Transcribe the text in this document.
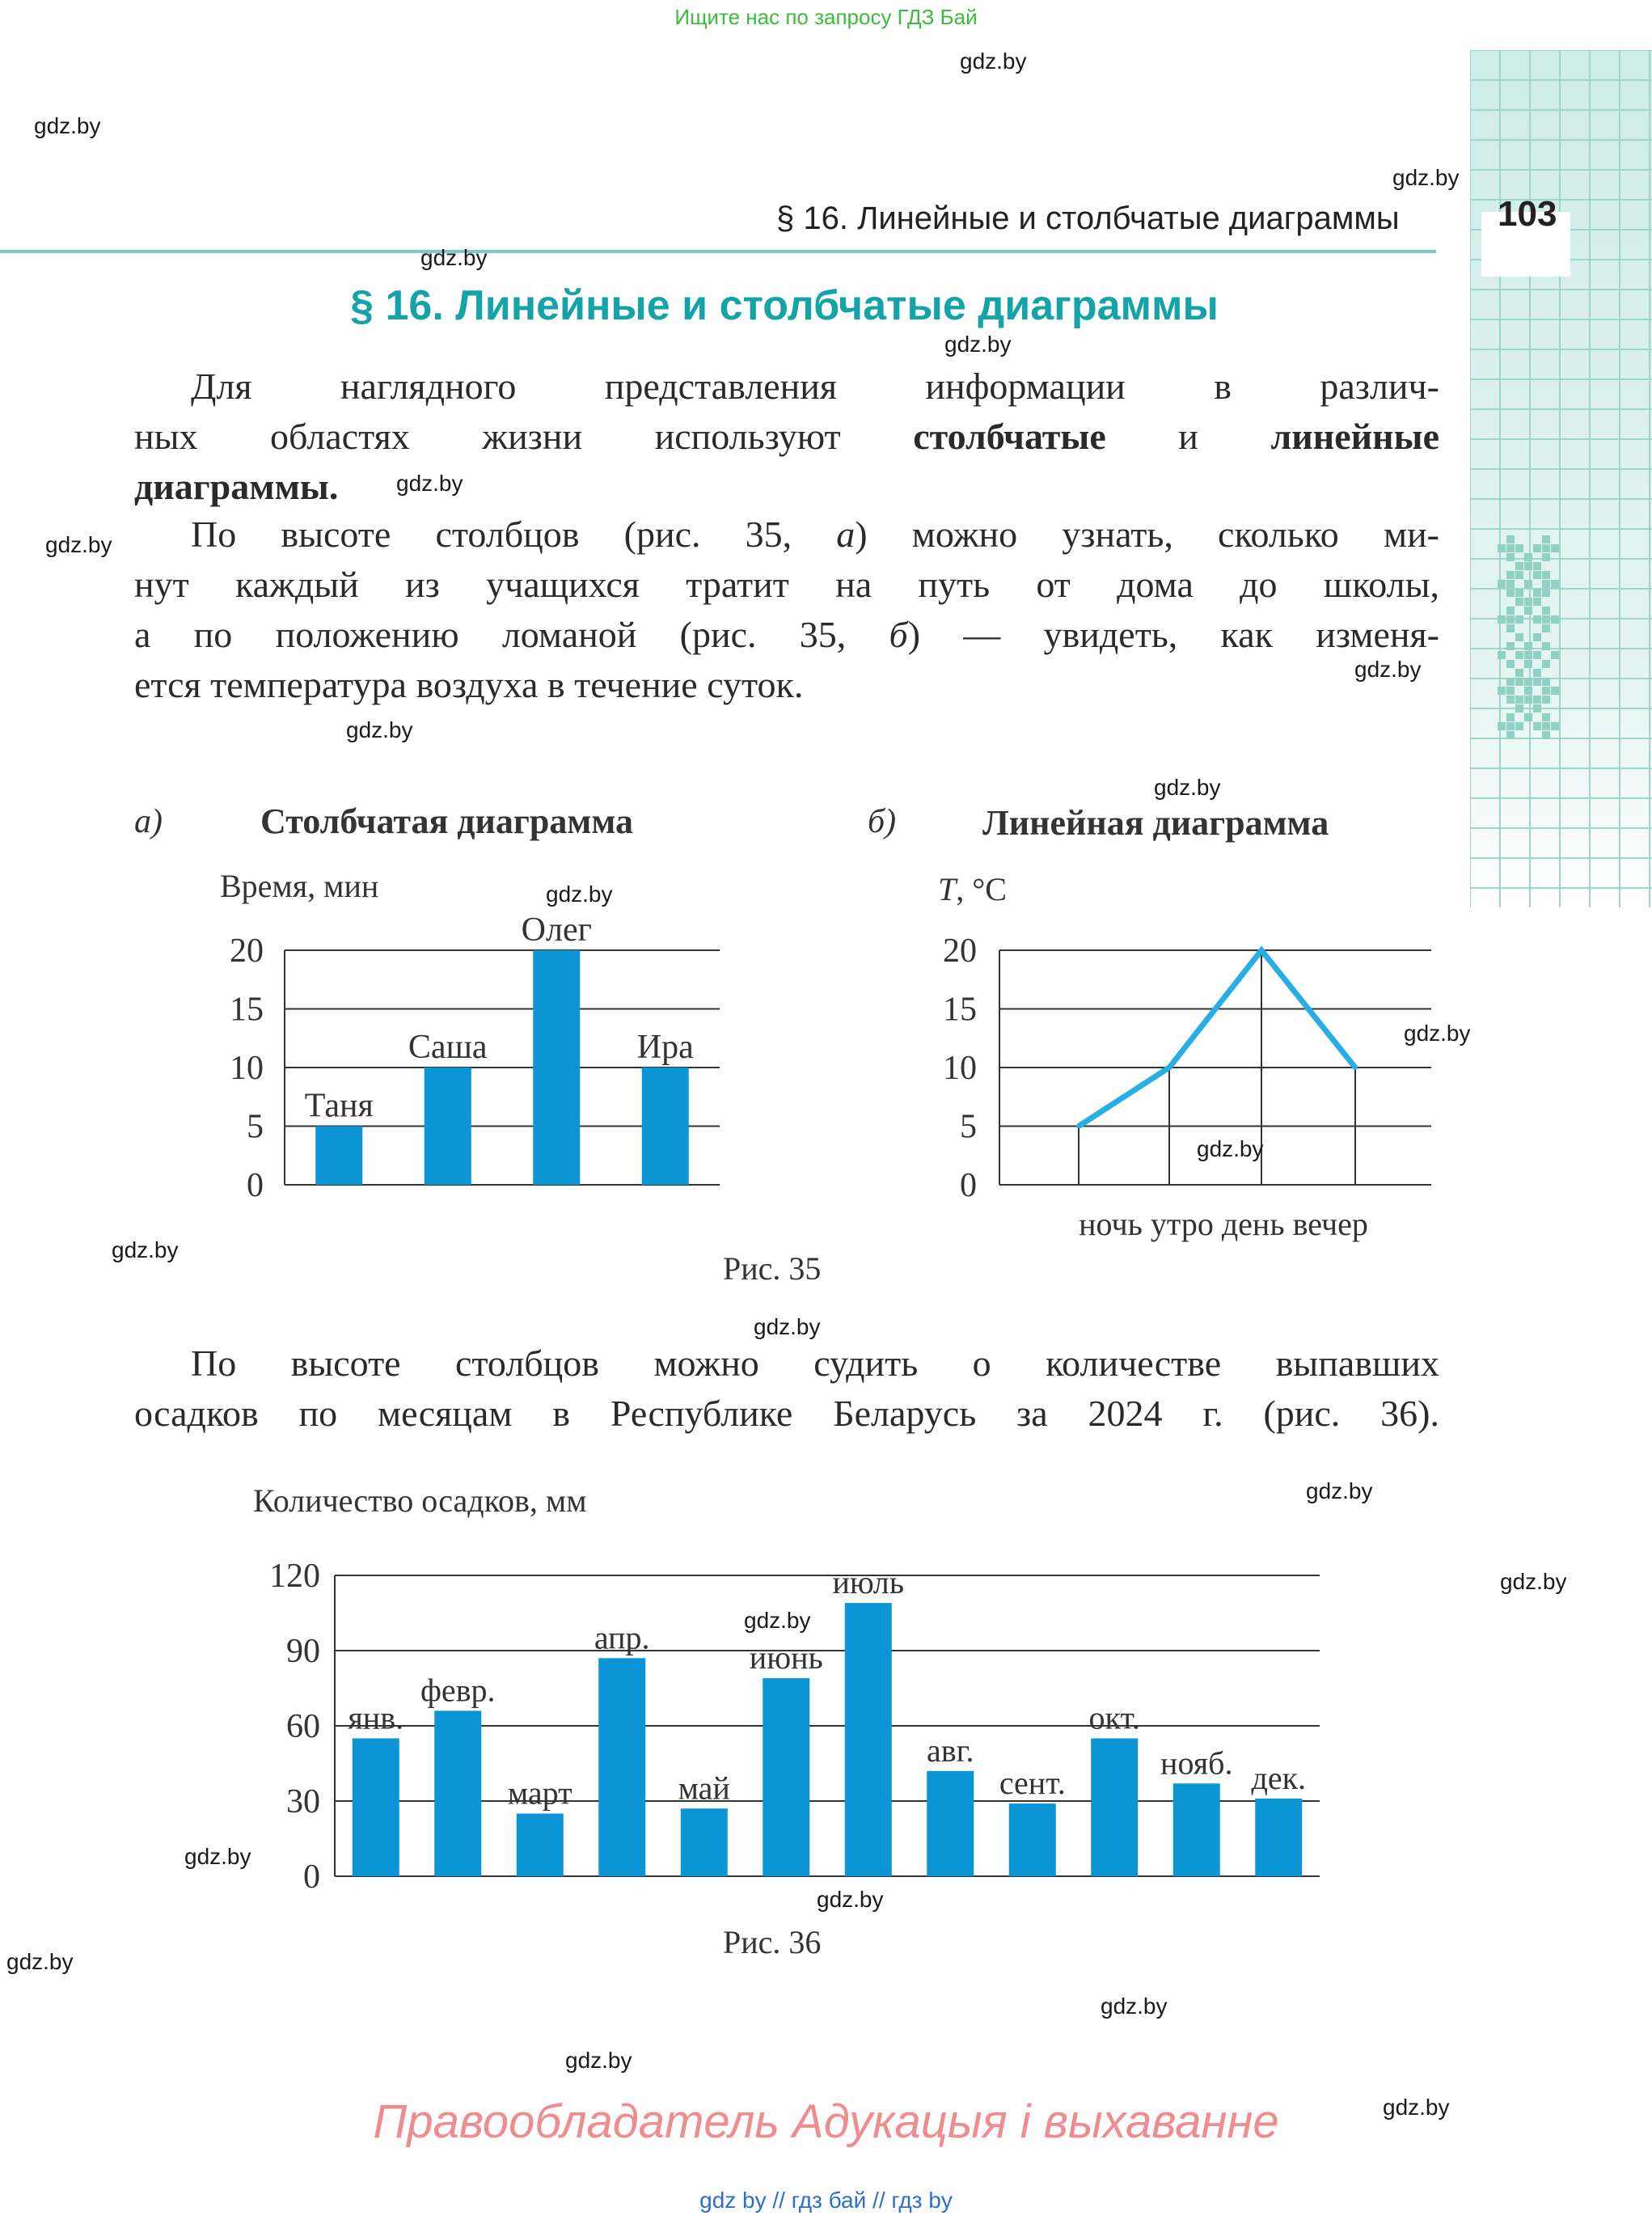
Ищите нас по запросу ГДЗ Бай
103
§ 16. Линейные и столбчатые диаграммы
§ 16. Линейные и столбчатые диаграммы
Для наглядного представления информации в различ-
ных областях жизни используют столбчатые и линейные
диаграммы.
По высоте столбцов (рис. 35, а) можно узнать, сколько ми-
нут каждый из учащихся тратит на путь от дома до школы,
а по положению ломаной (рис. 35, б) — увидеть, как изменя-
ется температура воздуха в течение суток.
а)	Столбчатая диаграмма	б) Линейная диаграмма
0
5
10
15
20
Таня
Саша
Олег
Ира
Время, мин
0
5
10
15
20
ночь утро день вечер
T, °C
Рис. 35
По высоте столбцов можно судить о количестве выпавших
осадков по месяцам в Республике Беларусь за 2024 г. (рис. 36).
Количество осадков, мм
0
30
60
90
120
янв.
февр.
март
апр.
май
июнь
июль
авг.
сент.
окт.
нояб. дек.
Рис. 36
Правообладатель Адукацыя і выхаванне
gdz by // гдз бай // гдз by
gdz.by
gdz.by
gdz.by
gdz.by
gdz.by
gdz.by
gdz.by
gdz.by
gdz.by
gdz.by
gdz.by
gdz.by
gdz.by
gdz.by
gdz.by
gdz.by
gdz.by
gdz.by
gdz.by
gdz.by
gdz.by
gdz.by
gdz.by
gdz.by
